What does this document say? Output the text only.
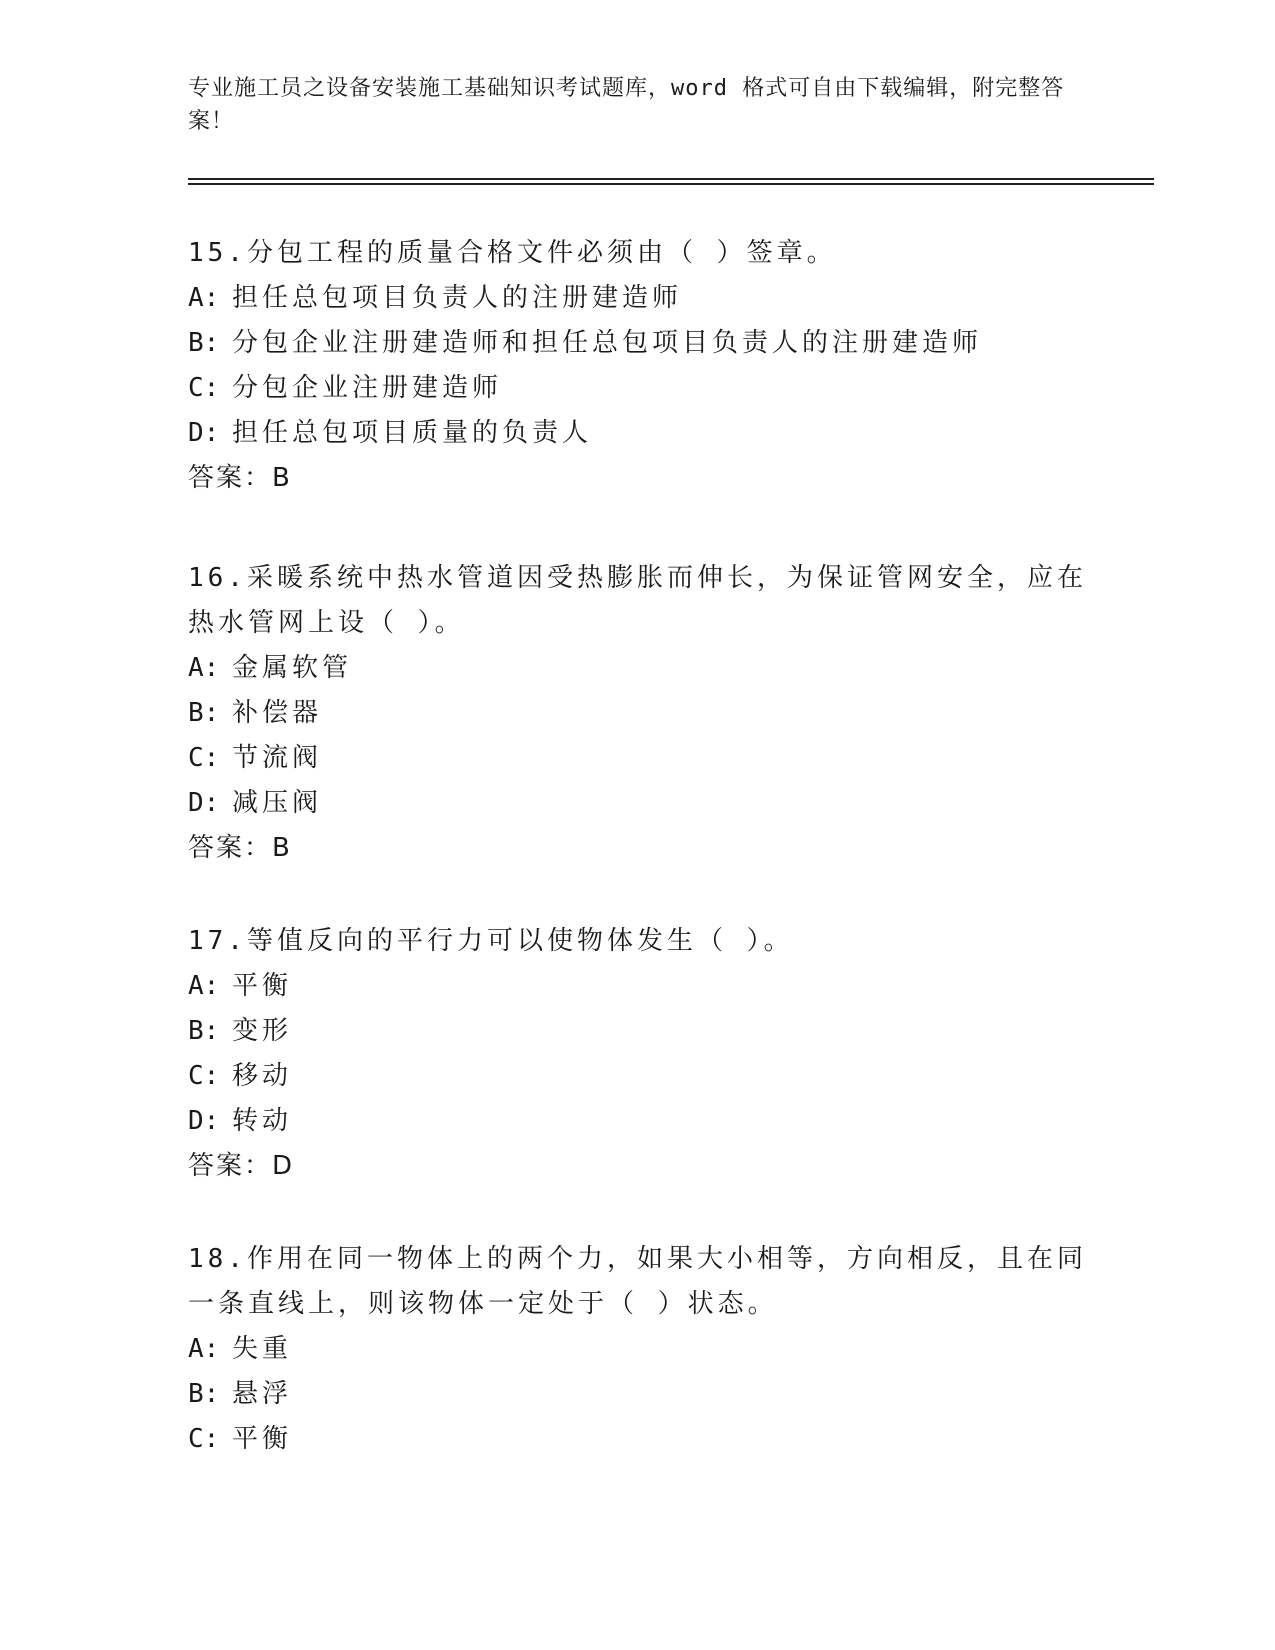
专业施工员之设备安装施工基础知识考试题库，word 格式可自由下载编辑，附完整答案！
15.分包工程的质量合格文件必须由（ ）签章。
A: 担任总包项目负责人的注册建造师
B: 分包企业注册建造师和担任总包项目负责人的注册建造师
C: 分包企业注册建造师
D: 担任总包项目质量的负责人
答案：B
16.采暖系统中热水管道因受热膨胀而伸长，为保证管网安全，应在热水管网上设（ ）。
A: 金属软管
B: 补偿器
C: 节流阀
D: 减压阀
答案：B
17.等值反向的平行力可以使物体发生（ ）。
A: 平衡
B: 变形
C: 移动
D: 转动
答案：D
18.作用在同一物体上的两个力，如果大小相等，方向相反，且在同一条直线上，则该物体一定处于（ ）状态。
A: 失重
B: 悬浮
C: 平衡
